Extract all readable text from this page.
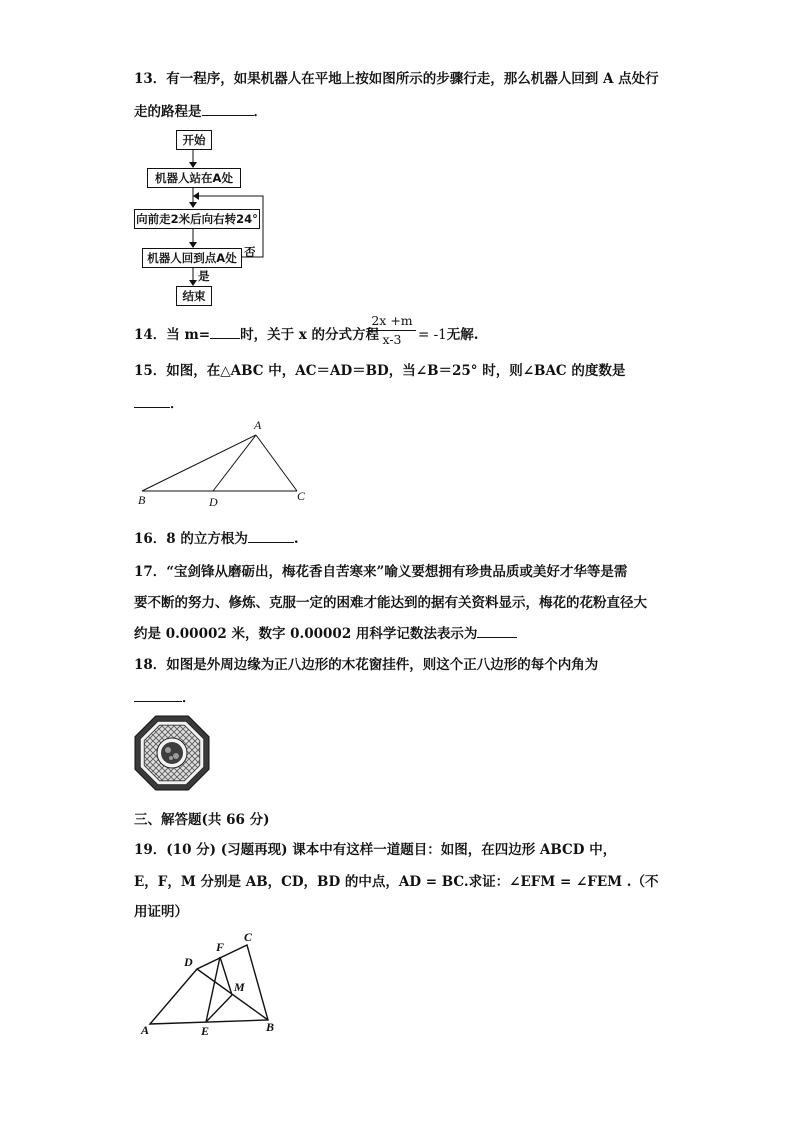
13．有一程序，如果机器人在平地上按如图所示的步骤行走，那么机器人回到 A 点处行
走的路程是	．
开始
机器人站在A处
向前走2米后向右转24°
机器人回到点A处 否
是
结束
14．当 m= 时，关于 x 的分式方程
2x +m
x-3	= -1无解.
15．如图，在△ABC 中，AC＝AD＝BD，当∠B＝25° 时，则∠BAC 的度数是
．
A
B	C
D
16．8 的立方根为	.
17．“宝剑锋从磨砺出，梅花香自苦寒来”喻义要想拥有珍贵品质或美好才华等是需
要不断的努力、修炼、克服一定的困难才能达到的据有关资料显示，梅花的花粉直径大
约是 0.00002 米，数字 0.00002 用科学记数法表示为
18．如图是外周边缘为正八边形的木花窗挂件，则这个正八边形的每个内角为
．
三、解答题(共 66 分)
19．(10 分) (习题再现) 课本中有这样一道题目：如图，在四边形 ABCD 中，
E，F，M 分别是 AB，CD，BD 的中点，AD = BC.求证：∠EFM = ∠FEM .（不
用证明）
A	B
C
D
E
F
M
